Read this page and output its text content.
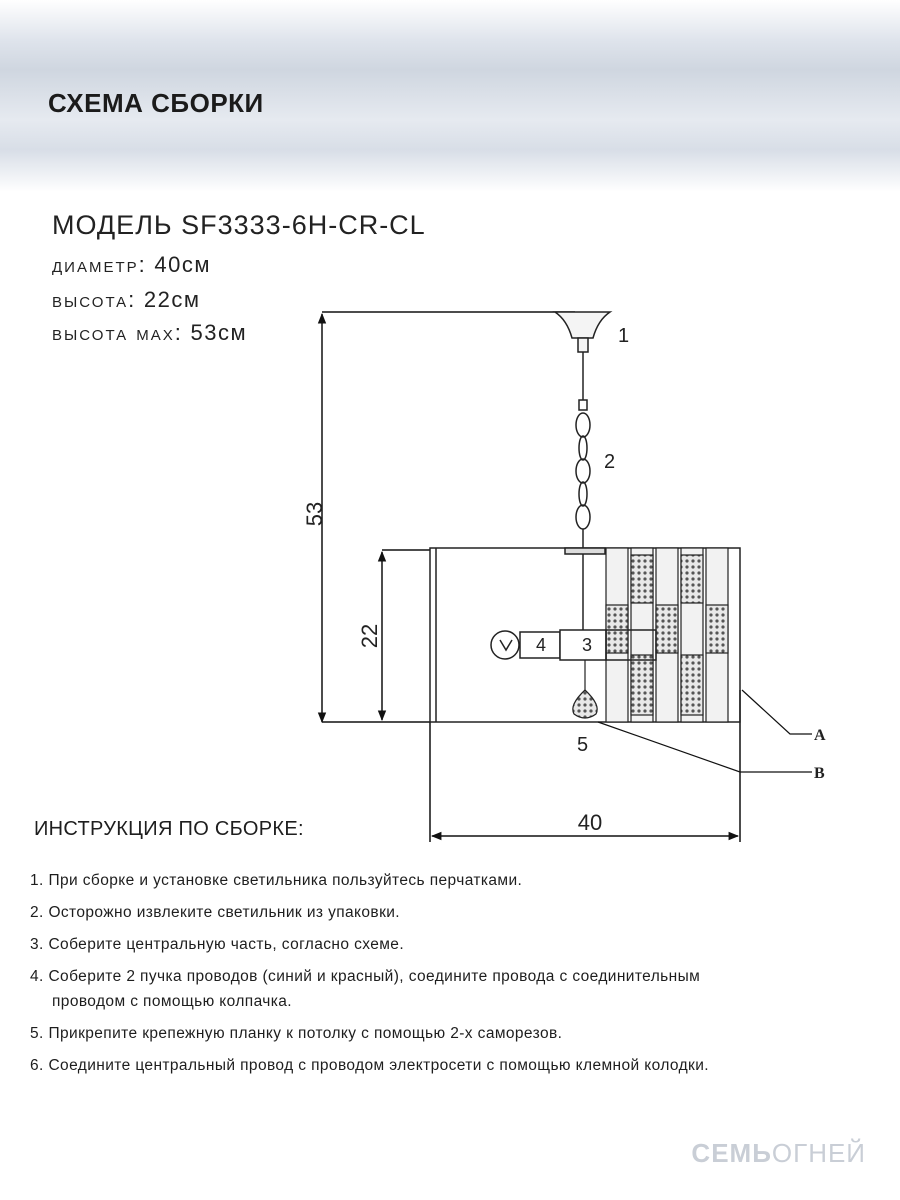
СХЕМА СБОРКИ
МОДЕЛЬ SF3333-6H-CR-CL
диаметр: 40см
высота: 22см
высота max: 53см
53
22
40
1
2
3
4
5	A
B
ИНСТРУКЦИЯ ПО СБОРКЕ:
1. При сборке и установке светильника пользуйтесь перчатками.
2. Осторожно извлеките светильник из упаковки.
3. Соберите центральную часть, согласно схеме.
4. Соберите 2 пучка проводов (синий и красный), соедините провода с соединительным
проводом с помощью колпачка.
5. Прикрепите крепежную планку к потолку с помощью 2-х саморезов.
6. Соедините центральный провод с проводом электросети с помощью клемной колодки.
СЕМЬОГНЕЙ
